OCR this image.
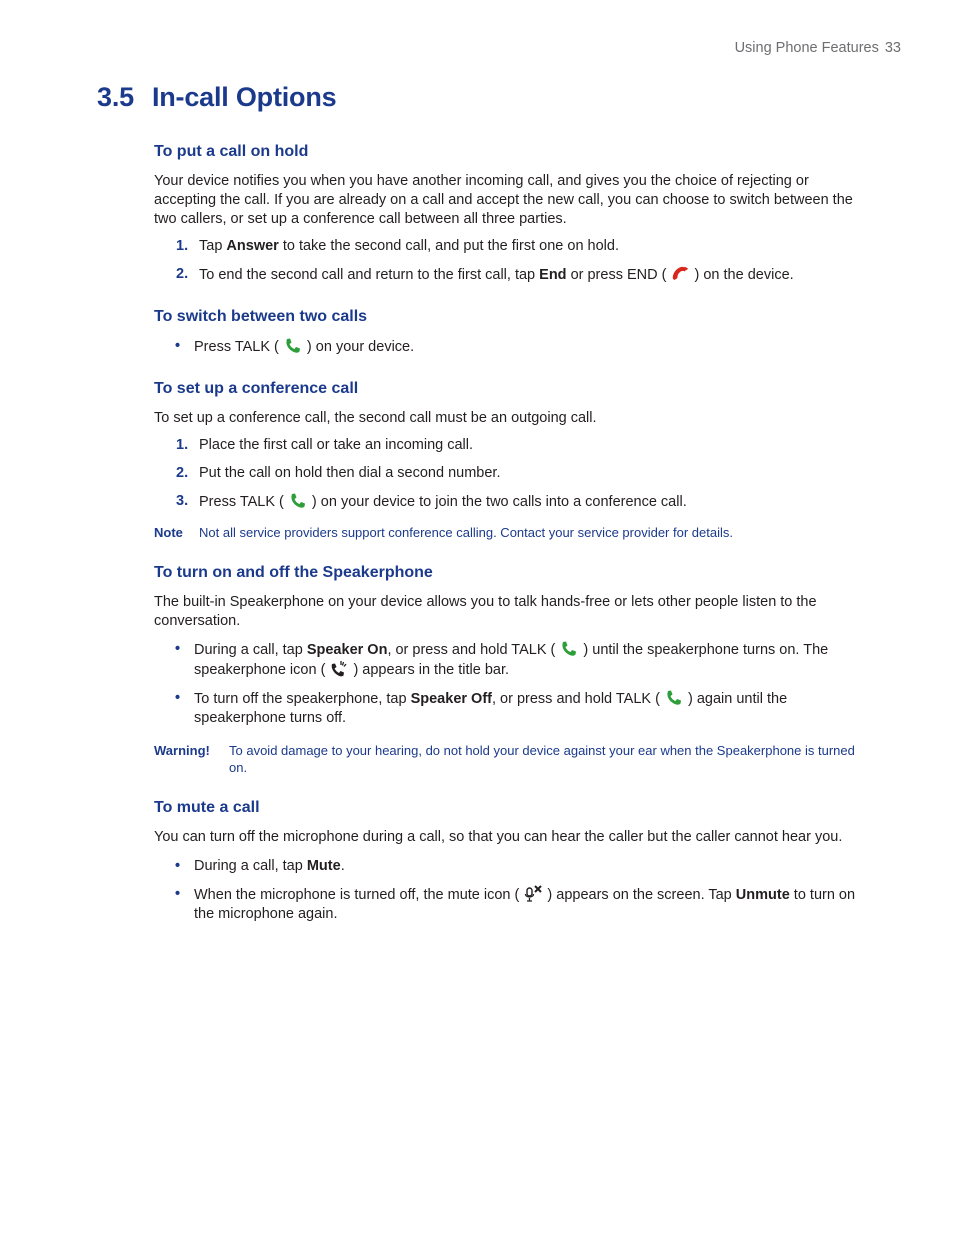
Using Phone Features 33
3.5 In-call Options
To put a call on hold

Your device notifies you when you have another incoming call, and gives you the choice of rejecting or accepting the call. If you are already on a call and accept the new call, you can choose to switch between the two callers, or set up a conference call between all three parties.

1. Tap Answer to take the second call, and put the first one on hold.
2. To end the second call and return to the first call, tap End or press END (
) on the device.
To switch between two calls
• Press TALK (
) on your device.
To set up a conference call

To set up a conference call, the second call must be an outgoing call.

1. Place the first call or take an incoming call.
2. Put the call on hold then dial a second number.
3. Press TALK (
) on your device to join the two calls into a conference call.
Note	Not all service providers support conference calling. Contact your service provider for details.
To turn on and off the Speakerphone

The built-in Speakerphone on your device allows you to talk hands-free or lets other people listen to the conversation.

• During a call, tap Speaker On, or press and hold TALK (
) until the speakerphone turns on. The speakerphone icon (
) appears in the title bar.
• To turn off the speakerphone, tap Speaker Off, or press and hold TALK (
) again until the speakerphone turns off.
Warning!	To avoid damage to your hearing, do not hold your device against your ear when the Speakerphone is turned on.
To mute a call

You can turn off the microphone during a call, so that you can hear the caller but the caller cannot hear you.

• During a call, tap Mute.
• When the microphone is turned off, the mute icon (
) appears on the screen. Tap Unmute to turn on the microphone again.
